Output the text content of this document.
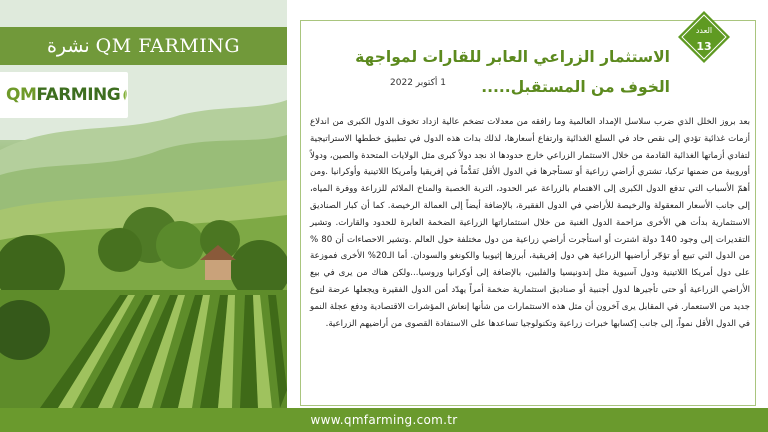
نشرة QM FARMING
QMFARMING
العدد
13
الاستثمار الزراعي العابر للقارات لمواجهة الخوف من المستقبل.....
1 أكتوبر 2022
بعد بروز الخلل الذي ضرب سلاسل الإمداد العالمية وما رافقه من معدلات تضخم عالية ازداد تخوف الدول الكبرى من اندلاع أزمات غذائية تؤدي إلى نقص حاد في السلع الغذائية وارتفاع أسعارها، لذلك بدات هذه الدول في تطبيق خططها الاستراتيجية لتفادي أزماتها الغذائية القادمة من خلال الاستثمار الزراعي خارج حدودها اذ نجد دولاً كبرى مثل الولايات المتحدة والصين، ودولاً أوروبية من ضمنها تركيا، تشتري أراضي زراعية أو تستأجرها في الدول الأقل تَقدُّماً في إفريقيا وأمريكا اللاتينية وأوكرانيا .ومن أهمّ الأسباب التي تدفع الدول الكبرى إلى الاهتمام بالزراعة عبر الحدود، التربة الخصبة والمناخ الملائم للزراعة ووفرة المياه، إلى جانب الأسعار المعقولة والرخيصة للأراضي في الدول الفقيرة، بالإضافة أيضاً إلى العمالة الرخيصة. كما أن كبار الصناديق الاستثمارية بدأت هي الأخرى مزاحمة الدول الغنية من خلال استثماراتها الزراعية الضخمة العابرة للحدود والقارات. وتشير التقديرات إلى وجود 140 دولة اشترت أو استأجرت أراضي زراعية من دول مختلفة حول العالم .وتشير الاحصاءات أن 80 % من الدول التي تبيع أو تؤجّر أراضيها الزراعية هي دول إفريقية، أبرزها إثيوبيا والكونغو والسودان. أما الـ20% الأخرى فموزعة على دول أمريكا اللاتينية ودول آسيوية مثل إندونيسيا والفلبين، بالإضافة إلى أوكرانيا وروسيا...ولكن هناك من يرى في بيع الأراضي الزراعية أو حتى تأجيرها لدول أجنبية أو صناديق استثمارية ضخمة أمراً يهدّد أمن الدول الفقيرة ويجعلها عرضة لنوع جديد من الاستعمار. في المقابل يرى آخرون أن مثل هذه الاستثمارات من شأنها إنعاش المؤشرات الاقتصادية ودفع عجلة النمو في الدول الأقل نمواً، إلى جانب إكسابها خبرات زراعية وتكنولوجيا تساعدها على الاستفادة القصوى من أراضيهم الزراعية.
www.qmfarming.com.tr
